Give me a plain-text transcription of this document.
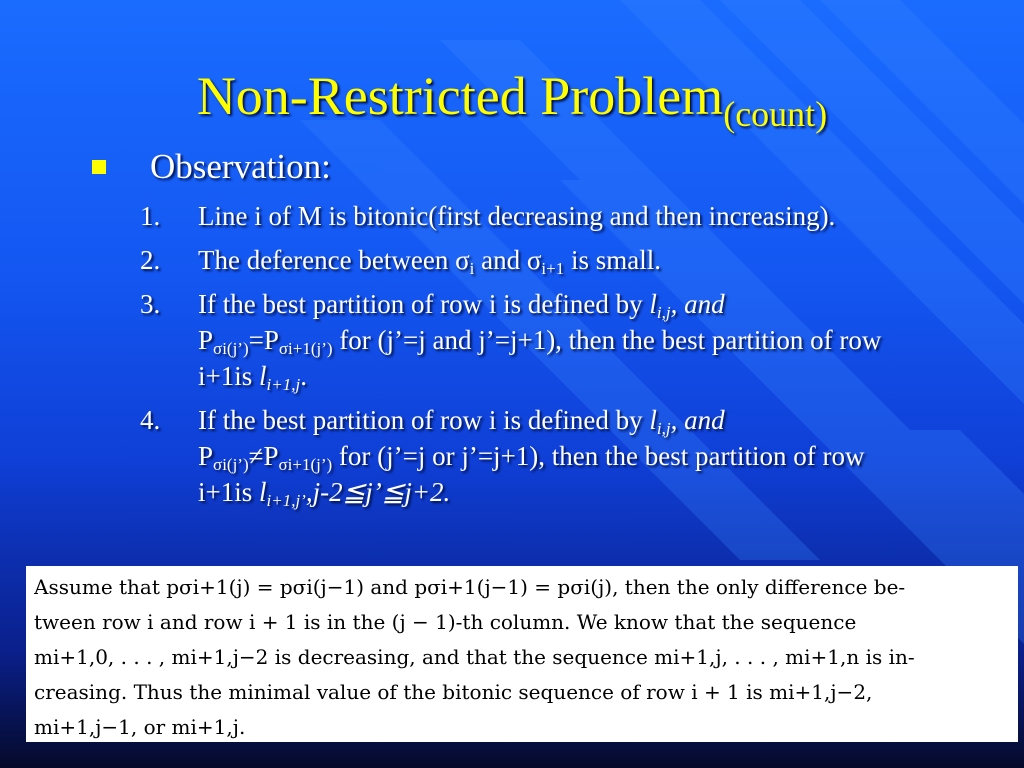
Non-Restricted Problem$_{(count)}$
Observation:
1. Line i of M is bitonic(first decreasing and then increasing).
2. The deference between $\sigma_i$ and $\sigma_{i+1}$ is small.
3. If the best partition of row i is defined by $l_{i,j}$, and
$P_{\sigma i(j’)}=P_{\sigma i+1(j’)}$ for (j’=j and j’=j+1), then the best partition of row i+1is $l_{i+1,j}$.
4. If the best partition of row i is defined by $l_{i,j}$, and
$P_{\sigma i(j’)}\ne P_{\sigma i+1(j’)}$ for (j’=j or j’=j+1), then the best partition of row i+1is $l_{i+1,j’},j-2≦j’≦j+2$.
Assume that pσi+1(j) = pσi(j−1) and pσi+1(j−1) = pσi(j), then the only difference be-
tween row i and row i + 1 is in the (j − 1)-th column. We know that the sequence
mi+1,0, . . . , mi+1,j−2 is decreasing, and that the sequence mi+1,j, . . . , mi+1,n is in-
creasing. Thus the minimal value of the bitonic sequence of row i + 1 is mi+1,j−2,
mi+1,j−1, or mi+1,j.
